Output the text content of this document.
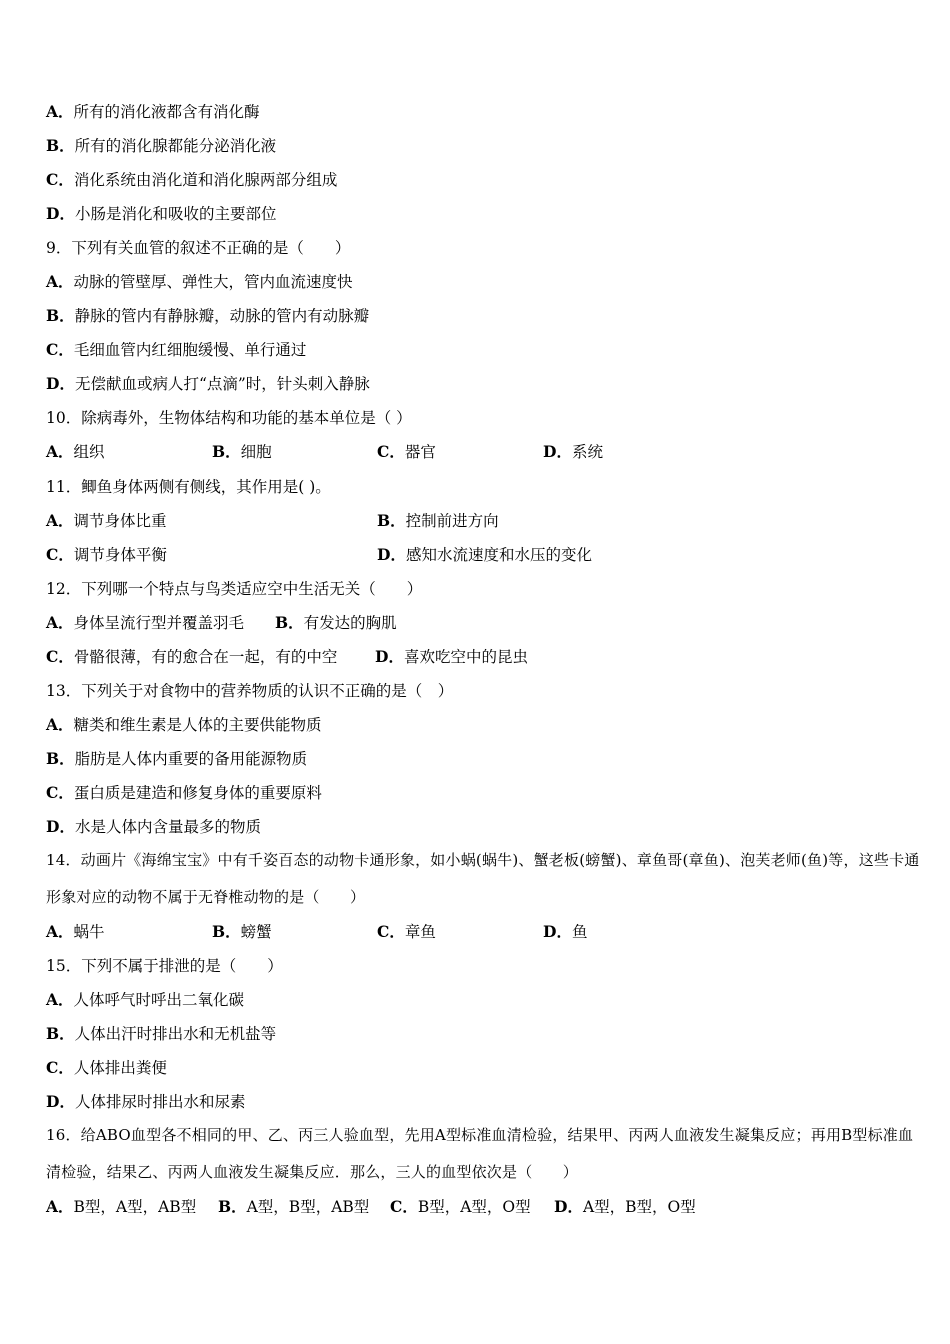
A．所有的消化液都含有消化酶
B．所有的消化腺都能分泌消化液
C．消化系统由消化道和消化腺两部分组成
D．小肠是消化和吸收的主要部位
9．下列有关血管的叙述不正确的是（　　）
A．动脉的管壁厚、弹性大，管内血流速度快
B．静脉的管内有静脉瓣，动脉的管内有动脉瓣
C．毛细血管内红细胞缓慢、单行通过
D．无偿献血或病人打“点滴”时，针头刺入静脉
10．除病毒外，生物体结构和功能的基本单位是（ ）
A．组织	B．细胞	C．器官	D．系统
11．鲫鱼身体两侧有侧线，其作用是( )。
A．调节身体比重	B．控制前进方向
C．调节身体平衡	D．感知水流速度和水压的变化
12．下列哪一个特点与鸟类适应空中生活无关（　　）
A．身体呈流行型并覆盖羽毛 B．有发达的胸肌
C．骨骼很薄，有的愈合在一起，有的中空 D．喜欢吃空中的昆虫
13．下列关于对食物中的营养物质的认识不正确的是（　）
A．糖类和维生素是人体的主要供能物质
B．脂肪是人体内重要的备用能源物质
C．蛋白质是建造和修复身体的重要原料
D．水是人体内含量最多的物质
14．动画片《海绵宝宝》中有千姿百态的动物卡通形象，如小蜗(蜗牛)、蟹老板(螃蟹)、章鱼哥(章鱼)、泡芙老师(鱼)等，这些卡通形象对应的动物不属于无脊椎动物的是（　　）
A．蜗牛	B．螃蟹	C．章鱼	D．鱼
15．下列不属于排泄的是（　　）
A．人体呼气时呼出二氧化碳
B．人体出汗时排出水和无机盐等
C．人体排出粪便
D．人体排尿时排出水和尿素
16．给ABO血型各不相同的甲、乙、丙三人验血型，先用A型标准血清检验，结果甲、丙两人血液发生凝集反应；再用B型标准血清检验，结果乙、丙两人血液发生凝集反应．那么，三人的血型依次是（　　）
A．B型，A型，AB型 B．A型，B型，AB型 C．B型，A型，O型 D．A型，B型，O型
